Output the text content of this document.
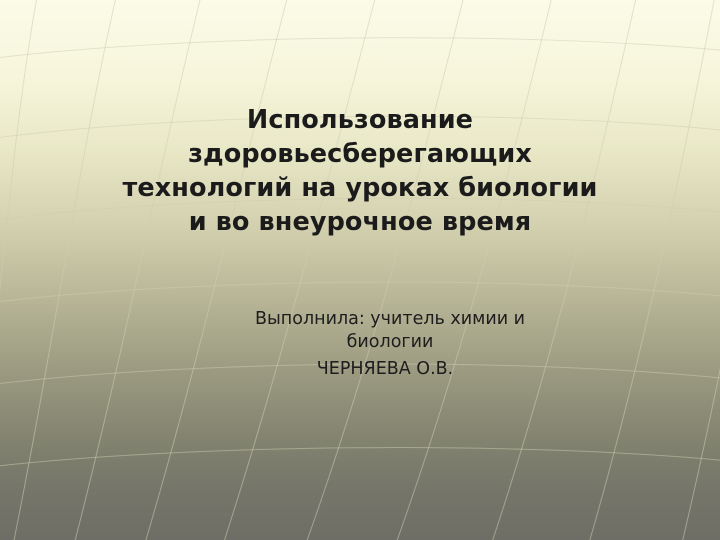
Использование
здоровьесберегающих
технологий на уроках биологии
и во внеурочное время
Выполнила: учитель химии и
биологии
ЧЕРНЯЕВА О.В.
